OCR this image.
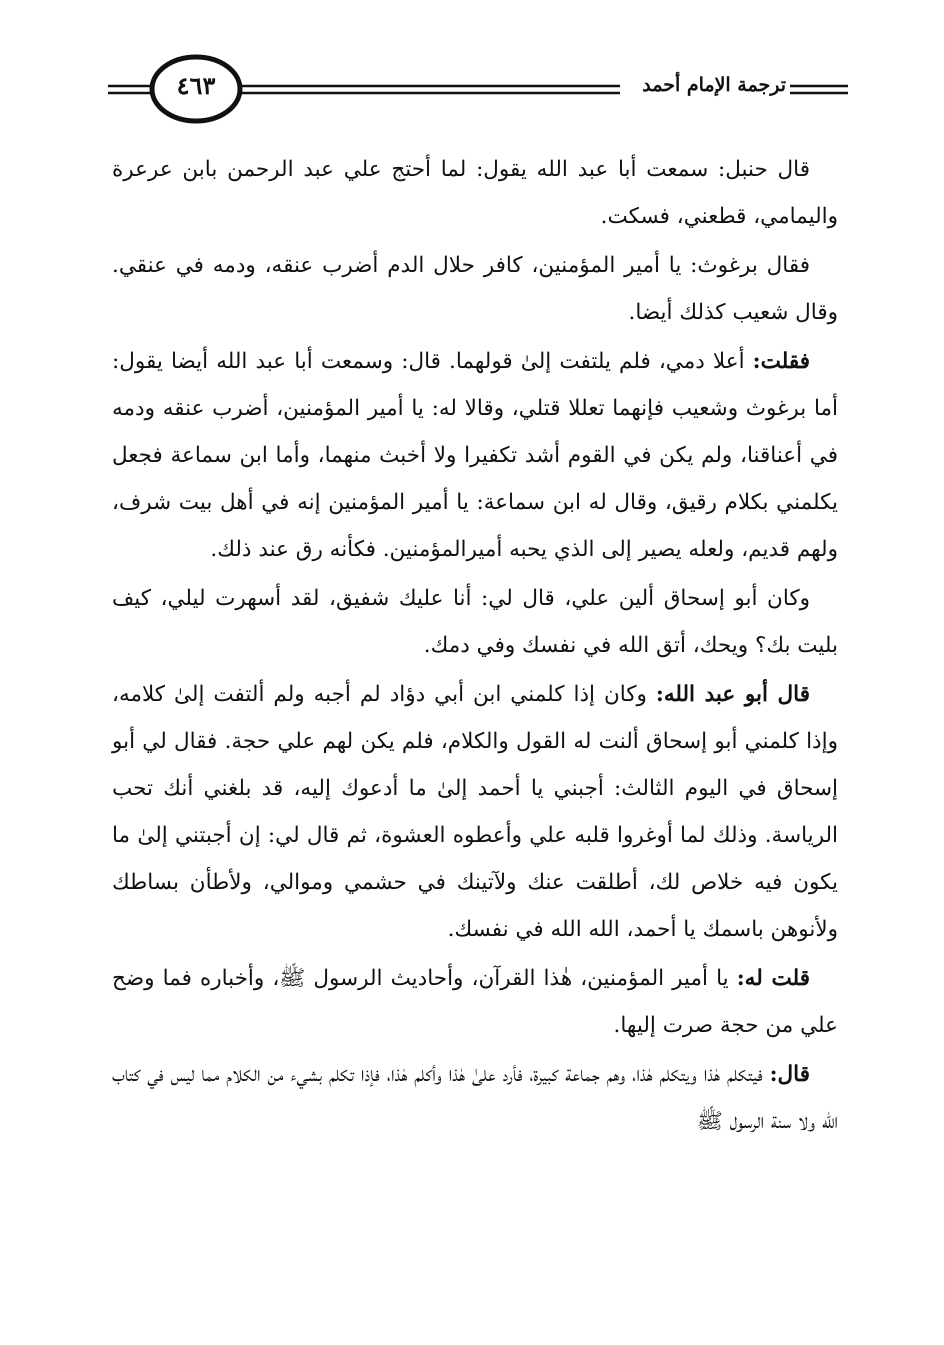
ترجمة الإمام أحمد
٤٦٣

قال حنبل: سمعت أبا عبد الله يقول: لما أحتج علي عبد الرحمن بابن عرعرة واليمامي، قطعني، فسكت.

فقال برغوث: يا أمير المؤمنين، كافر حلال الدم أضرب عنقه، ودمه في عنقي. وقال شعيب كذلك أيضا.

فقلت: أعلا دمي، فلم يلتفت إلىٰ قولهما. قال: وسمعت أبا عبد الله أيضا يقول: أما برغوث وشعيب فإنهما تعللا قتلي، وقالا له: يا أمير المؤمنين، أضرب عنقه ودمه في أعناقنا، ولم يكن في القوم أشد تكفيرا ولا أخبث منهما، وأما ابن سماعة فجعل يكلمني بكلام رقيق، وقال له ابن سماعة: يا أمير المؤمنين إنه في أهل بيت شرف، ولهم قديم، ولعله يصير إلى الذي يحبه أميرالمؤمنين. فكأنه رق عند ذلك.

وكان أبو إسحاق ألين علي، قال لي: أنا عليك شفيق، لقد أسهرت ليلي، كيف بليت بك؟ ويحك، أتق الله في نفسك وفي دمك.

قال أبو عبد الله: وكان إذا كلمني ابن أبي دؤاد لم أجبه ولم ألتفت إلىٰ كلامه، وإذا كلمني أبو إسحاق ألنت له القول والكلام، فلم يكن لهم علي حجة. فقال لي أبو إسحاق في اليوم الثالث: أجبني يا أحمد إلىٰ ما أدعوك إليه، قد بلغني أنك تحب الرياسة. وذلك لما أوغروا قلبه علي وأعطوه العشوة، ثم قال لي: إن أجبتني إلىٰ ما يكون فيه خلاص لك، أطلقت عنك ولآتينك في حشمي وموالي، ولأطأن بساطك ولأنوهن باسمك يا أحمد، الله الله في نفسك.

قلت له: يا أمير المؤمنين، هٰذا القرآن، وأحاديث الرسول ﷺ، وأخباره فما وضح علي من حجة صرت إليها.

قال: فيتكلم هٰذا ويتكلم هٰذا، وهم جماعة كبيرة، فأرد علىٰ هٰذا وأكلم هٰذا، فإذا تكلم بشيء من الكلام مما ليس في كتاب الله ولا سنة الرسول ﷺ
